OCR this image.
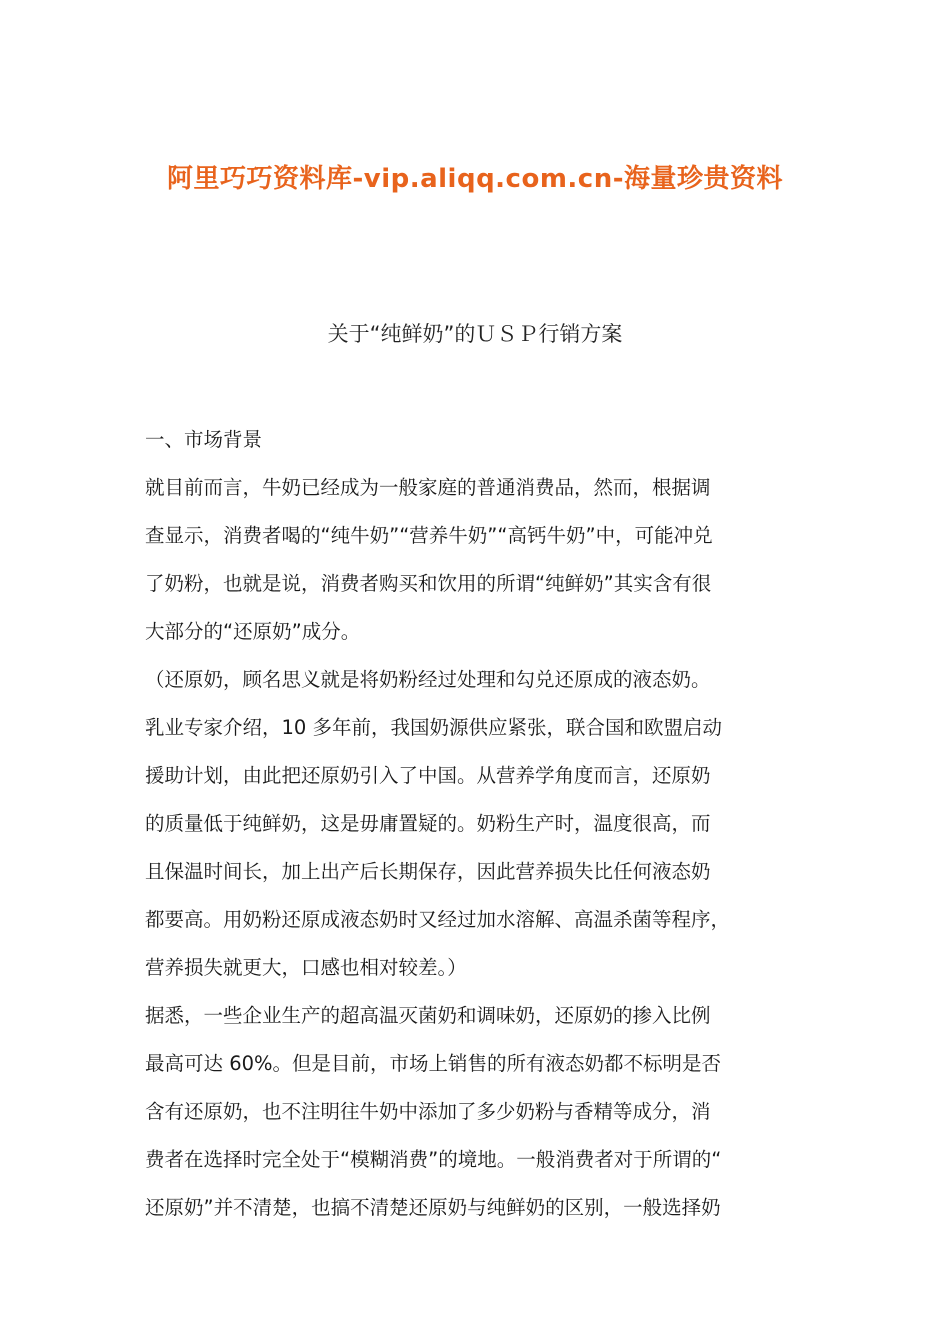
阿里巧巧资料库-vip.aliqq.com.cn-海量珍贵资料
关于“纯鲜奶”的ＵＳＰ行销方案
一、市场背景
就目前而言，牛奶已经成为一般家庭的普通消费品，然而，根据调
查显示，消费者喝的“纯牛奶”“营养牛奶”“高钙牛奶”中，可能冲兑
了奶粉，也就是说，消费者购买和饮用的所谓“纯鲜奶”其实含有很
大部分的“还原奶”成分。
（还原奶，顾名思义就是将奶粉经过处理和勾兑还原成的液态奶。
乳业专家介绍，10 多年前，我国奶源供应紧张，联合国和欧盟启动
援助计划，由此把还原奶引入了中国。从营养学角度而言，还原奶
的质量低于纯鲜奶，这是毋庸置疑的。奶粉生产时，温度很高，而
且保温时间长，加上出产后长期保存，因此营养损失比任何液态奶
都要高。用奶粉还原成液态奶时又经过加水溶解、高温杀菌等程序，
营养损失就更大，口感也相对较差。）
据悉，一些企业生产的超高温灭菌奶和调味奶，还原奶的掺入比例
最高可达 60%。但是目前，市场上销售的所有液态奶都不标明是否
含有还原奶，也不注明往牛奶中添加了多少奶粉与香精等成分，消
费者在选择时完全处于“模糊消费”的境地。一般消费者对于所谓的“
还原奶”并不清楚，也搞不清楚还原奶与纯鲜奶的区别，一般选择奶
